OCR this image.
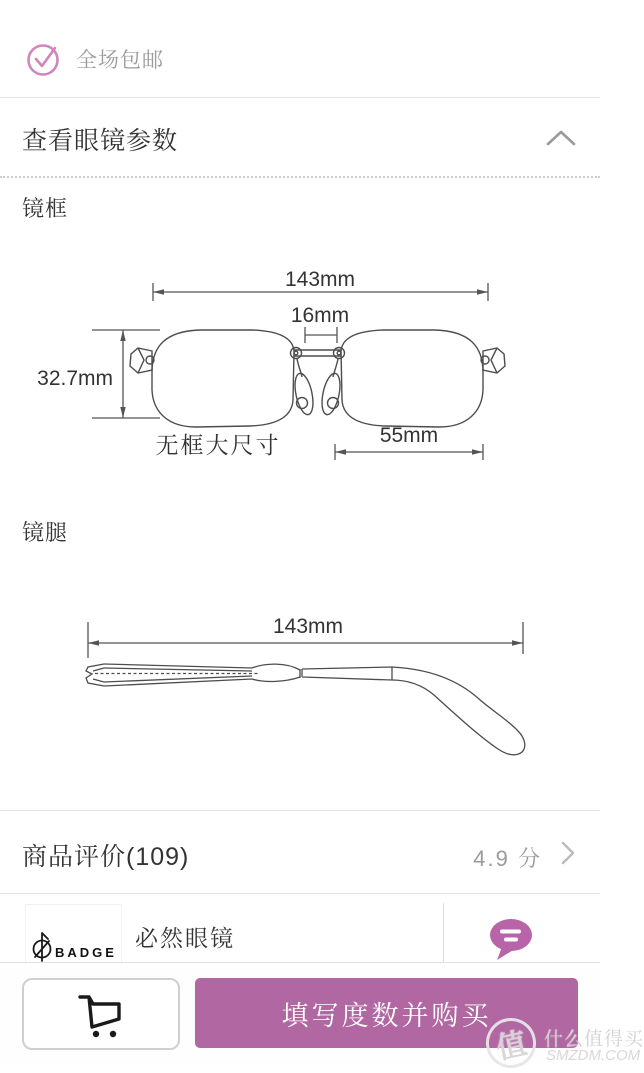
全场包邮
查看眼镜参数
镜框
143mm
16mm
32.7mm
无框大尺寸	55mm
镜腿
143mm
商品评价(109)	4.9 分
BADGE
必然眼镜
填写度数并购买
值 什么值得买
SMZDM.COM
